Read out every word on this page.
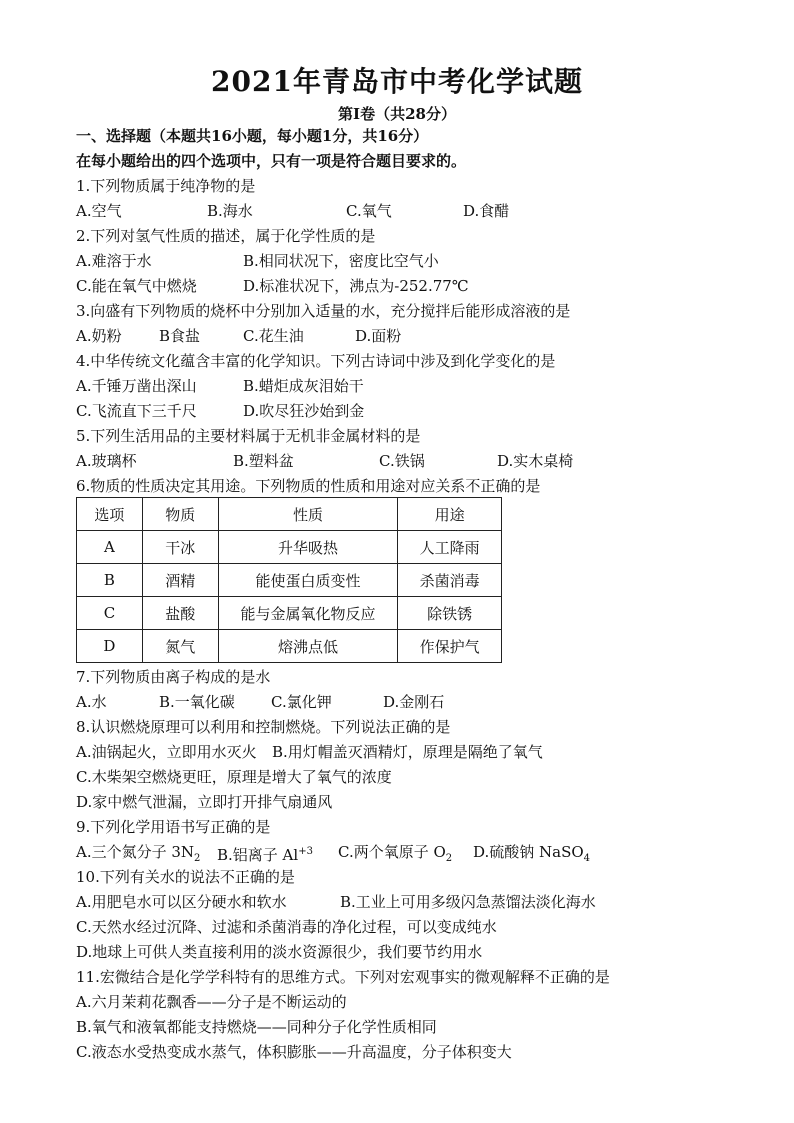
2021年青岛市中考化学试题
第Ⅰ卷（共28分）
一、选择题（本题共16小题，每小题1分，共16分）
在每小题给出的四个选项中，只有一项是符合题目要求的。
1.下列物质属于纯净物的是
A.空气	B.海水	C.氧气	D.食醋
2.下列对氢气性质的描述，属于化学性质的是
A.难溶于水	B.相同状况下，密度比空气小
C.能在氧气中燃烧	D.标准状况下，沸点为-252.77℃
3.向盛有下列物质的烧杯中分别加入适量的水，充分搅拌后能形成溶液的是
A.奶粉 B食盐	C.花生油	D.面粉
4.中华传统文化蕴含丰富的化学知识。下列古诗词中涉及到化学变化的是
A.千锤万凿出深山	B.蜡炬成灰泪始干
C.飞流直下三千尺	D.吹尽狂沙始到金
5.下列生活用品的主要材料属于无机非金属材料的是
A.玻璃杯	B.塑料盆	C.铁锅	D.实木桌椅
6.物质的性质决定其用途。下列物质的性质和用途对应关系不正确的是
选项	物质	性质	用途
A	干冰	升华吸热	人工降雨
B	酒精	能使蛋白质变性	杀菌消毒
C	盐酸	能与金属氧化物反应	除铁锈
D	氮气	熔沸点低	作保护气
7.下列物质由离子构成的是水
A.水	B.一氧化碳 C.氯化钾	D.金刚石
8.认识燃烧原理可以利用和控制燃烧。下列说法正确的是
A.油锅起火，立即用水灭火 B.用灯帽盖灭酒精灯，原理是隔绝了氧气
C.木柴架空燃烧更旺，原理是增大了氧气的浓度
D.家中燃气泄漏，立即打开排气扇通风
9.下列化学用语书写正确的是
A.三个氮分子 $3N_2$ B.铝离子 $Al^{+3}$ C.两个氧原子 $O_2$ D.硫酸钠 NaSO$_4$
10.下列有关水的说法不正确的是
A.用肥皂水可以区分硬水和软水	B.工业上可用多级闪急蒸馏法淡化海水
C.天然水经过沉降、过滤和杀菌消毒的净化过程，可以变成纯水
D.地球上可供人类直接利用的淡水资源很少，我们要节约用水
11.宏微结合是化学学科特有的思维方式。下列对宏观事实的微观解释不正确的是
A.六月茉莉花飘香——分子是不断运动的
B.氧气和液氧都能支持燃烧——同种分子化学性质相同
C.液态水受热变成水蒸气，体积膨胀——升高温度，分子体积变大
